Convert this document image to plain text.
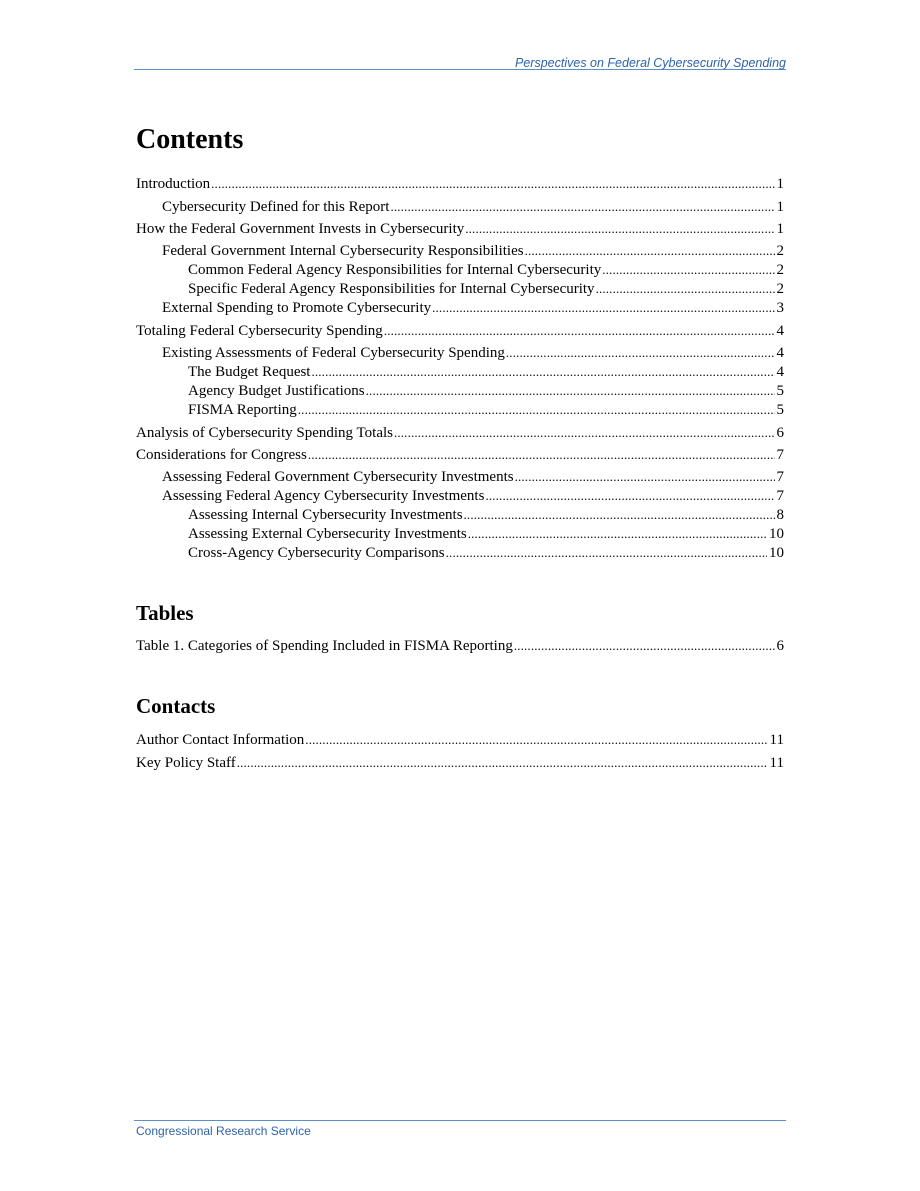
Perspectives on Federal Cybersecurity Spending
Contents
Introduction . . .	1
Cybersecurity Defined for this Report . . .	1
How the Federal Government Invests in Cybersecurity . . .	1
Federal Government Internal Cybersecurity Responsibilities . . .	2
Common Federal Agency Responsibilities for Internal Cybersecurity . . .	2
Specific Federal Agency Responsibilities for Internal Cybersecurity . . .	2
External Spending to Promote Cybersecurity . . .	3
Totaling Federal Cybersecurity Spending . . .	4
Existing Assessments of Federal Cybersecurity Spending . . .	4
The Budget Request . . .	4
Agency Budget Justifications . . .	5
FISMA Reporting . . .	5
Analysis of Cybersecurity Spending Totals . . .	6
Considerations for Congress . . .	7
Assessing Federal Government Cybersecurity Investments . . .	7
Assessing Federal Agency Cybersecurity Investments . . .	7
Assessing Internal Cybersecurity Investments . . .	8
Assessing External Cybersecurity Investments . . .	10
Cross-Agency Cybersecurity Comparisons . . .	10
Tables
Table 1. Categories of Spending Included in FISMA Reporting . . .	6
Contacts
Author Contact Information . . .	11
Key Policy Staff . . .	11
Congressional Research Service
